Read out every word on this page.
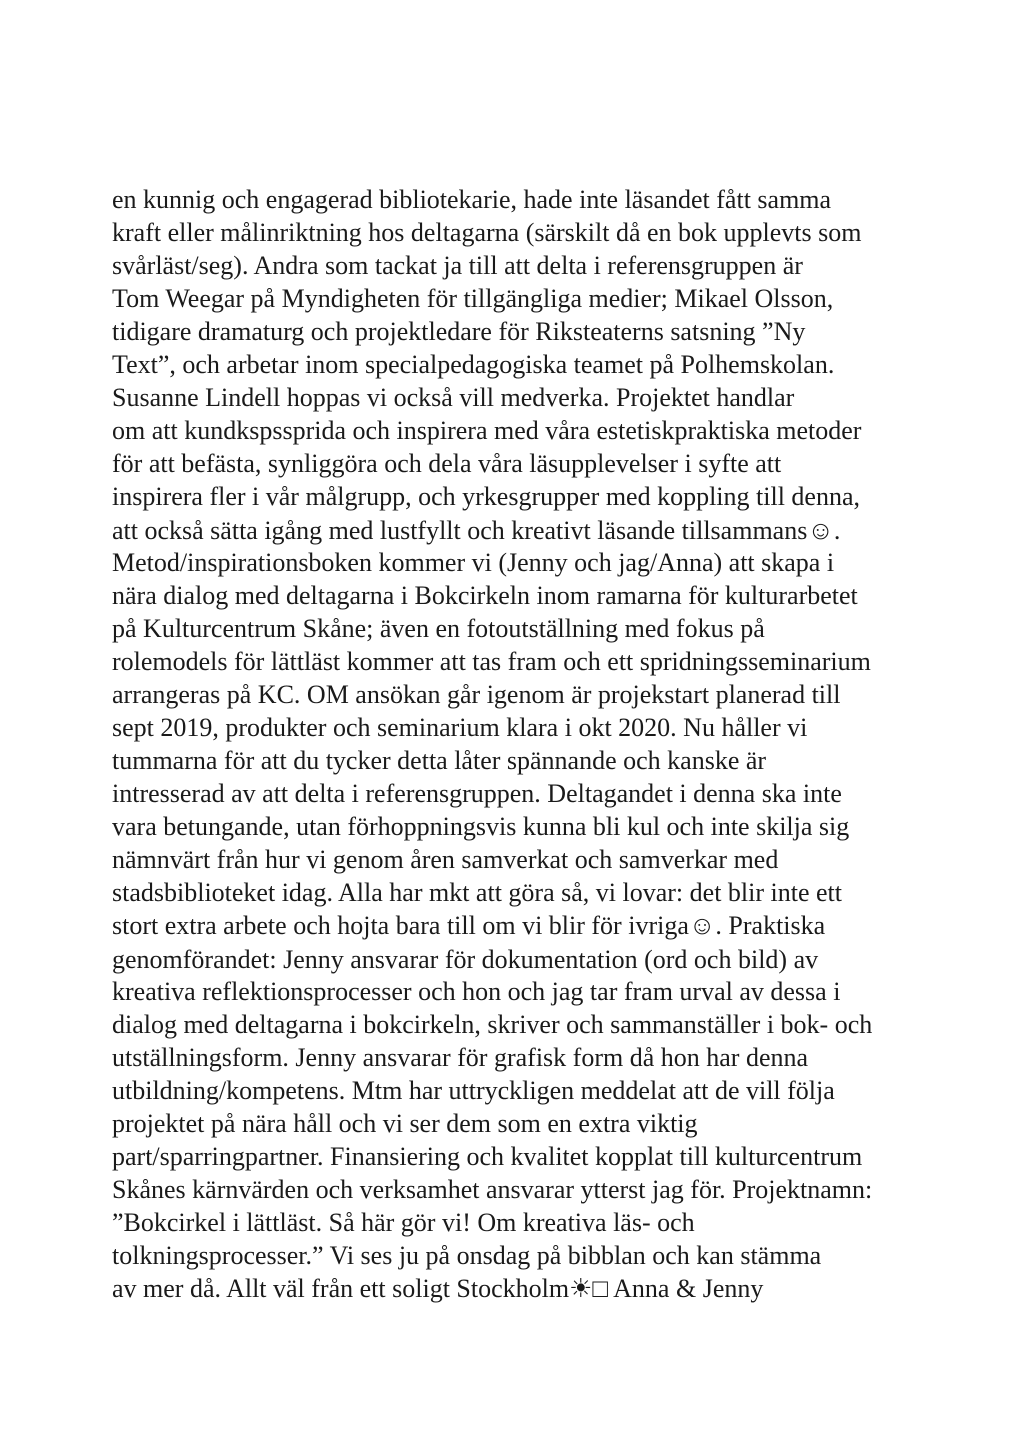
en kunnig och engagerad bibliotekarie, hade inte läsandet fått samma
kraft eller målinriktning hos deltagarna (särskilt då en bok upplevts som
svårläst/seg). Andra som tackat ja till att delta i referensgruppen är
Tom Weegar på Myndigheten för tillgängliga medier; Mikael Olsson,
tidigare dramaturg och projektledare för Riksteaterns satsning ”Ny
Text”, och arbetar inom specialpedagogiska teamet på Polhemskolan.
Susanne Lindell hoppas vi också vill medverka. Projektet handlar
om att kundkspssprida och inspirera med våra estetiskpraktiska metoder
för att befästa, synliggöra och dela våra läsupplevelser i syfte att
inspirera fler i vår målgrupp, och yrkesgrupper med koppling till denna,
att också sätta igång med lustfyllt och kreativt läsande tillsammans☺.
Metod/inspirationsboken kommer vi (Jenny och jag/Anna) att skapa i
nära dialog med deltagarna i Bokcirkeln inom ramarna för kulturarbetet
på Kulturcentrum Skåne; även en fotoutställning med fokus på
rolemodels för lättläst kommer att tas fram och ett spridningsseminarium
arrangeras på KC. OM ansökan går igenom är projekstart planerad till
sept 2019, produkter och seminarium klara i okt 2020. Nu håller vi
tummarna för att du tycker detta låter spännande och kanske är
intresserad av att delta i referensgruppen. Deltagandet i denna ska inte
vara betungande, utan förhoppningsvis kunna bli kul och inte skilja sig
nämnvärt från hur vi genom åren samverkat och samverkar med
stadsbiblioteket idag. Alla har mkt att göra så, vi lovar: det blir inte ett
stort extra arbete och hojta bara till om vi blir för ivriga☺. Praktiska
genomförandet: Jenny ansvarar för dokumentation (ord och bild) av
kreativa reflektionsprocesser och hon och jag tar fram urval av dessa i
dialog med deltagarna i bokcirkeln, skriver och sammanställer i bok- och
utställningsform. Jenny ansvarar för grafisk form då hon har denna
utbildning/kompetens. Mtm har uttryckligen meddelat att de vill följa
projektet på nära håll och vi ser dem som en extra viktig
part/sparringpartner. Finansiering och kvalitet kopplat till kulturcentrum
Skånes kärnvärden och verksamhet ansvarar ytterst jag för. Projektnamn:
”Bokcirkel i lättläst. Så här gör vi! Om kreativa läs- och
tolkningsprocesser.” Vi ses ju på onsdag på bibblan och kan stämma
av mer då. Allt väl från ett soligt Stockholm☀□ Anna & Jenny
